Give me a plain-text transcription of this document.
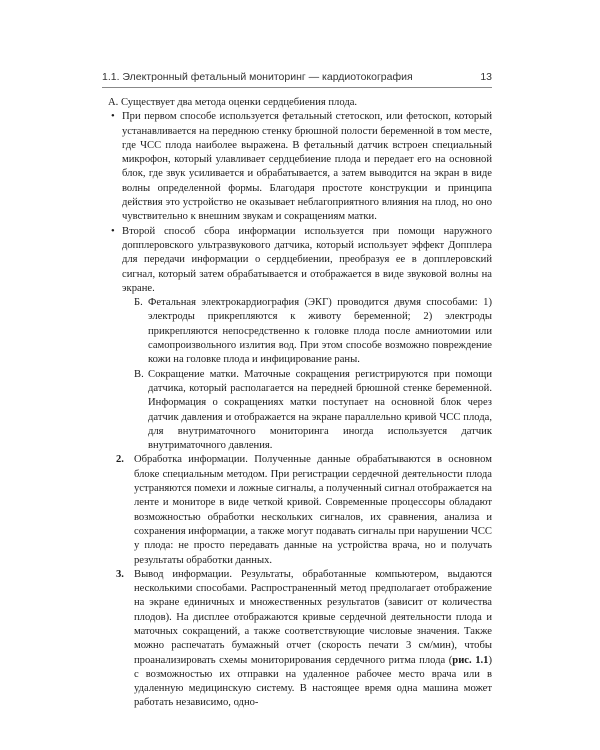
1.1. Электронный фетальный мониторинг — кардиотокография	13

А. Существует два метода оценки сердцебиения плода.

• При первом способе используется фетальный стетоскоп, или фетоскоп, который устанавливается на переднюю стенку брюшной полости беременной в том месте, где ЧСС плода наиболее выражена. В фетальный датчик встроен специальный микрофон, который улавливает сердцебиение плода и передает его на основной блок, где звук усиливается и обрабатывается, а затем выводится на экран в виде волны определенной формы. Благодаря простоте конструкции и принципа действия это устройство не оказывает неблагоприятного влияния на плод, но оно чувствительно к внешним звукам и сокращениям матки.

• Второй способ сбора информации используется при помощи наружного допплеровского ультразвукового датчика, который использует эффект Допплера для передачи информации о сердцебиении, преобразуя ее в допплеровский сигнал, который затем обрабатывается и отображается в виде звуковой волны на экране.

Б. Фетальная электрокардиография (ЭКГ) проводится двумя способами: 1) электроды прикрепляются к животу беременной; 2) электроды прикрепляются непосредственно к головке плода после амниотомии или самопроизвольного излития вод. При этом способе возможно повреждение кожи на головке плода и инфицирование раны.

В. Сокращение матки. Маточные сокращения регистрируются при помощи датчика, который располагается на передней брюшной стенке беременной. Информация о сокращениях матки поступает на основной блок через датчик давления и отображается на экране параллельно кривой ЧСС плода, для внутриматочного мониторинга иногда используется датчик внутриматочного давления.

2. Обработка информации. Полученные данные обрабатываются в основном блоке специальным методом. При регистрации сердечной деятельности плода устраняются помехи и ложные сигналы, а полученный сигнал отображается на ленте и мониторе в виде четкой кривой. Современные процессоры обладают возможностью обработки нескольких сигналов, их сравнения, анализа и сохранения информации, а также могут подавать сигналы при нарушении ЧСС у плода: не просто передавать данные на устройства врача, но и получать результаты обработки данных.

3. Вывод информации. Результаты, обработанные компьютером, выдаются несколькими способами. Распространенный метод предполагает отображение на экране единичных и множественных результатов (зависит от количества плодов). На дисплее отображаются кривые сердечной деятельности плода и маточных сокращений, а также соответствующие числовые значения. Также можно распечатать бумажный отчет (скорость печати 3 см/мин), чтобы проанализировать схемы мониторирования сердечного ритма плода (рис. 1.1) с возможностью их отправки на удаленное рабочее место врача или в удаленную медицинскую систему. В настоящее время одна машина может работать независимо, одно-
